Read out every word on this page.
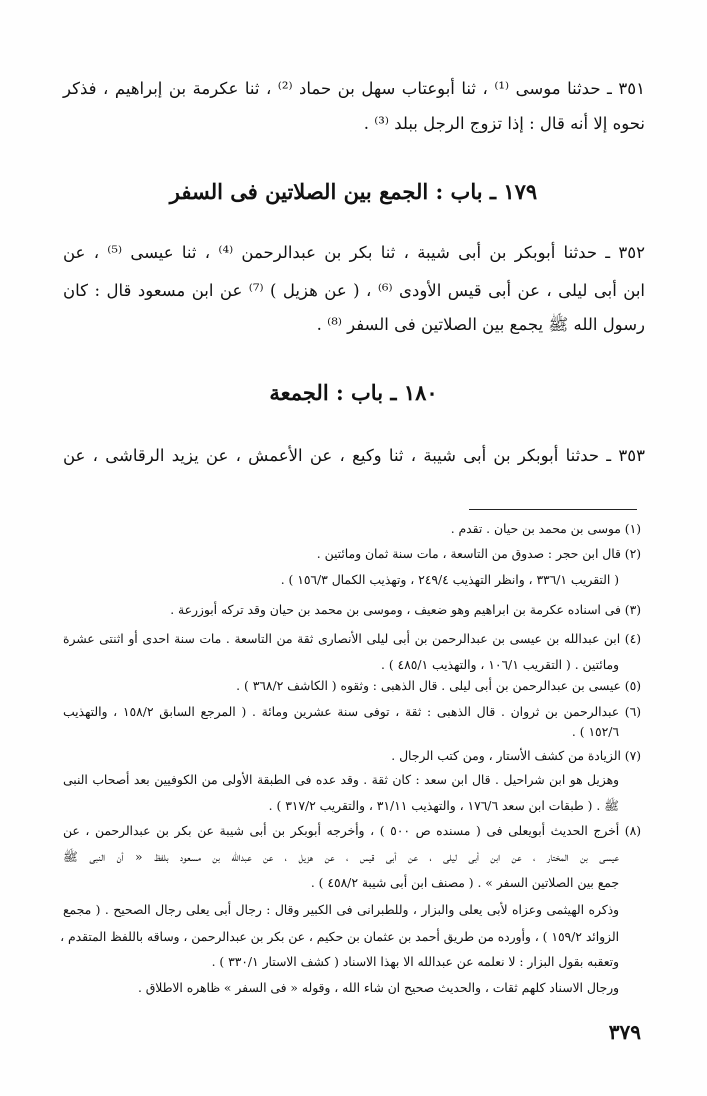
٣٥١ ـ حدثنا موسى ⁽¹⁾ ، ثنا أبوعتاب سهل بن حماد ⁽²⁾ ، ثنا عكرمة بن إبراهيم ، فذكر
نحوه إلا أنه قال : إذا تزوج الرجل ببلد ⁽³⁾ .
١٧٩ ـ باب : الجمع بين الصلاتين فى السفر
٣٥٢ ـ حدثنا أبوبكر بن أبى شيبة ، ثنا بكر بن عبدالرحمن ⁽⁴⁾ ، ثنا عيسى ⁽⁵⁾ ، عن
ابن أبى ليلى ، عن أبى قيس الأودى ⁽⁶⁾ ، ( عن هزيل ) ⁽⁷⁾ عن ابن مسعود قال : كان
رسول الله ﷺ يجمع بين الصلاتين فى السفر ⁽⁸⁾ .
١٨٠ ـ باب : الجمعة
٣٥٣ ـ حدثنا أبوبكر بن أبى شيبة ، ثنا وكيع ، عن الأعمش ، عن يزيد الرقاشى ، عن
(١) موسى بن محمد بن حيان . تقدم .
(٢) قال ابن حجر : صدوق من التاسعة ، مات سنة ثمان ومائتين .
( التقريب ٣٣٦/١ ، وانظر التهذيب ٢٤٩/٤ ، وتهذيب الكمال ١٥٦/٣ ) .
(٣) فى اسناده عكرمة بن ابراهيم وهو ضعيف ، وموسى بن محمد بن حيان وقد تركه أبوزرعة .
(٤) ابن عبدالله بن عيسى بن عبدالرحمن بن أبى ليلى الأنصارى ثقة من التاسعة . مات سنة احدى أو اثنتى عشرة
ومائتين . ( التقريب ١٠٦/١ ، والتهذيب ٤٨٥/١ ) .
(٥) عيسى بن عبدالرحمن بن أبى ليلى . قال الذهبى : وثقوه ( الكاشف ٣٦٨/٢ ) .
(٦) عبدالرحمن بن ثروان . قال الذهبى : ثقة ، توفى سنة عشرين ومائة . ( المرجع السابق ١٥٨/٢ ، والتهذيب
١٥٢/٦ ) .
(٧) الزيادة من كشف الأستار ، ومن كتب الرجال .
وهزيل هو ابن شراحيل . قال ابن سعد : كان ثقة . وقد عده فى الطبقة الأولى من الكوفيين بعد أصحاب النبى
ﷺ . ( طبقات ابن سعد ١٧٦/٦ ، والتهذيب ٣١/١١ ، والتقريب ٣١٧/٢ ) .
(٨) أخرج الحديث أبويعلى فى ( مسنده ص ٥٠٠ ) ، وأخرجه أبوبكر بن أبى شيبة عن بكر بن عبدالرحمن ، عن
عيسى بن المختار ، عن ابن أبى ليلى ، عن أبى قيس ، عن هزيل ، عن عبدالله بن مسعود بلفظ « أن النبى ﷺ
جمع بين الصلاتين السفر » . ( مصنف ابن أبى شيبة ٤٥٨/٢ ) .
وذكره الهيثمى وعزاه لأبى يعلى والبزار ، وللطبرانى فى الكبير وقال : رجال أبى يعلى رجال الصحيح . ( مجمع
الزوائد ١٥٩/٢ ) ، وأورده من طريق أحمد بن عثمان بن حكيم ، عن بكر بن عبدالرحمن ، وساقه باللفظ المتقدم ،
وتعقبه بقول البزار : لا نعلمه عن عبدالله الا بهذا الاسناد ( كشف الاستار ٣٣٠/١ ) .
ورجال الاسناد كلهم ثقات ، والحديث صحيح ان شاء الله ، وقوله « فى السفر » ظاهره الاطلاق .
٣٧٩
